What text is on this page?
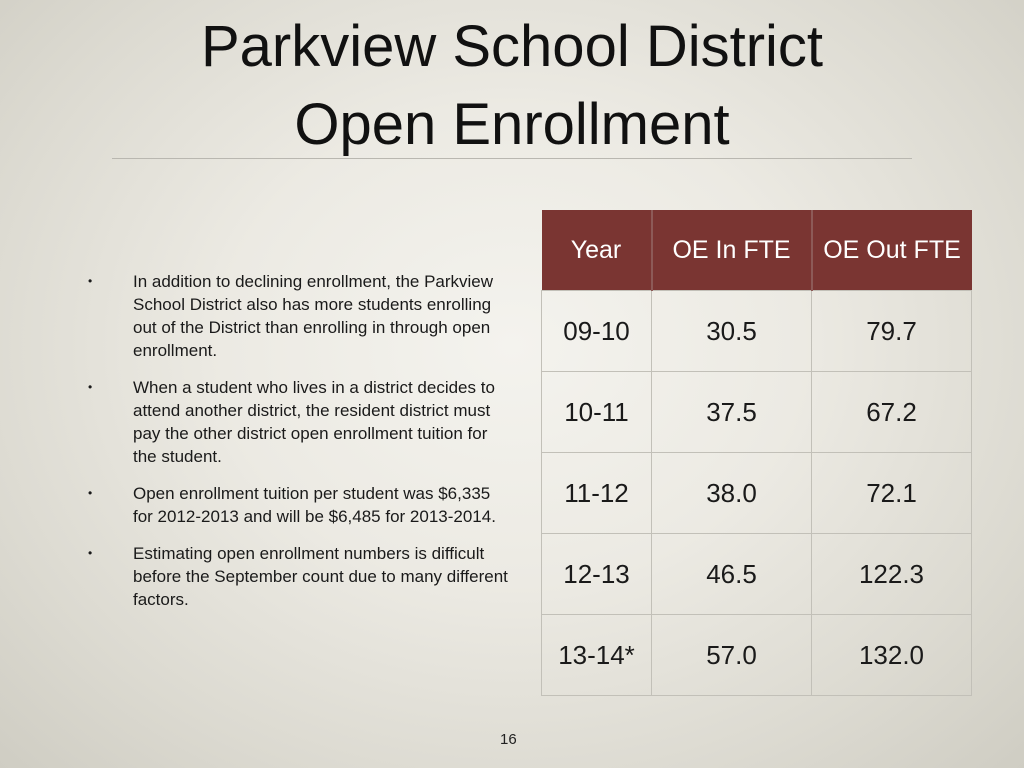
Parkview School District
Open Enrollment
• In addition to declining enrollment, the Parkview School District also has more students enrolling out of the District than enrolling in through open enrollment.
• When a student who lives in a district decides to attend another district, the resident district must pay the other district open enrollment tuition for the student.
• Open enrollment tuition per student was $6,335 for 2012-2013 and will be $6,485 for 2013-2014.
• Estimating open enrollment numbers is difficult before the September count due to many different factors.
Year	OE In FTE	OE Out FTE
09-10	30.5	79.7
10-11	37.5	67.2
11-12	38.0	72.1
12-13	46.5	122.3
13-14*	57.0	132.0
16
